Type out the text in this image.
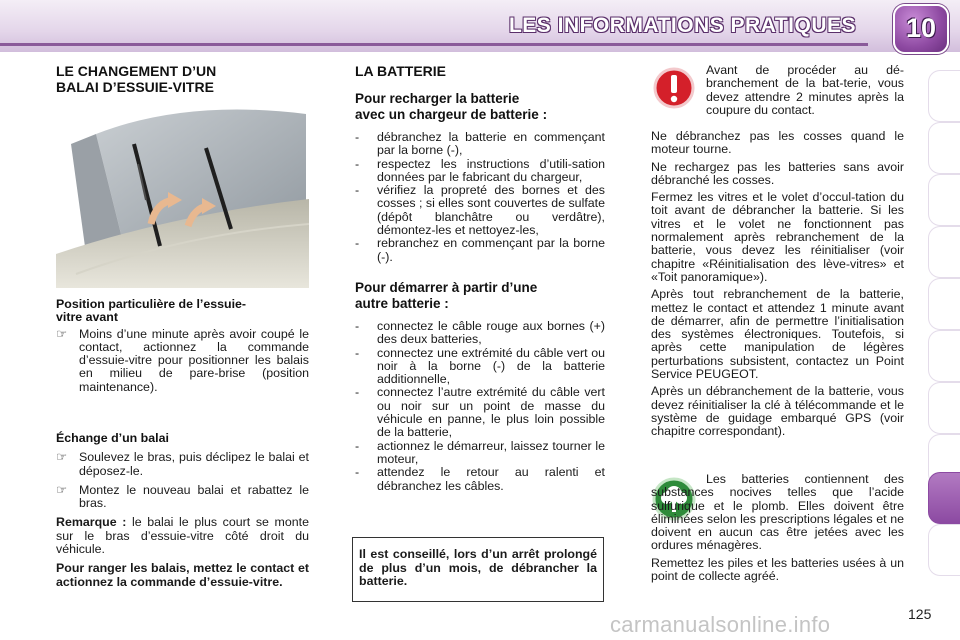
LES INFORMATIONS PRATIQUES	10

LE CHANGEMENT D’UN

BALAI D’ESSUIE-VITRE

Position particulière de l’essuie-

vitre avant

☞ Moins d’une minute après avoir coupé le contact, actionnez la commande d’essuie-vitre pour positionner les balais en milieu de pare-brise (position maintenance).

Échange d’un balai

☞ Soulevez le bras, puis déclipez le balai et déposez-le.
☞ Montez le nouveau balai et rabattez le bras.

Remarque : le balai le plus court se monte sur le bras d’essuie-vitre côté droit du véhicule.

Pour ranger les balais, mettez le contact et actionnez la commande d’essuie-vitre.

LA BATTERIE

Pour recharger la batterie

avec un chargeur de batterie :

- débranchez la batterie en commençant par la borne (-),
- respectez les instructions d’utili-sation données par le fabricant du chargeur,
- vérifiez la propreté des bornes et des cosses ; si elles sont couvertes de sulfate (dépôt blanchâtre ou verdâtre), démontez-les et nettoyez-les,
- rebranchez en commençant par la borne (-).

Pour démarrer à partir d’une

autre batterie :

- connectez le câble rouge aux bornes (+) des deux batteries,
- connectez une extrémité du câble vert ou noir à la borne (-) de la batterie additionnelle,
- connectez l’autre extrémité du câble vert ou noir sur un point de masse du véhicule en panne, le plus loin possible de la batterie,
- actionnez le démarreur, laissez tourner le moteur,
- attendez le retour au ralenti et débranchez les câbles.
Il est conseillé, lors d’un arrêt prolongé de plus d’un mois, de débrancher la batterie.

Avant de procéder au dé-branchement de la bat-terie, vous devez attendre 2 minutes après la coupure du contact.

Ne débranchez pas les cosses quand le moteur tourne.

Ne rechargez pas les batteries sans avoir débranché les cosses.

Fermez les vitres et le volet d’occul-tation du toit avant de débrancher la batterie. Si les vitres et le volet ne fonctionnent pas normalement après rebranchement de la batterie, vous devez les réinitialiser (voir chapitre «Réinitialisation des lève-vitres» et «Toit panoramique»).

Après tout rebranchement de la batterie, mettez le contact et attendez 1 minute avant de démarrer, afin de permettre l’initialisation des systèmes électroniques. Toutefois, si après cette manipulation de légères perturbations subsistent, contactez un Point Service PEUGEOT.

Après un débranchement de la batterie, vous devez réinitialiser la clé à télécommande et le système de guidage embarqué GPS (voir chapitre correspondant).

Les batteries contiennent des substances nocives telles que l’acide sulfurique et le plomb. Elles doivent être éliminées selon les prescriptions légales et ne doivent en aucun cas être jetées avec les ordures ménagères.

Remettez les piles et les batteries usées à un point de collecte agréé.

carmanualsonline.info	125
